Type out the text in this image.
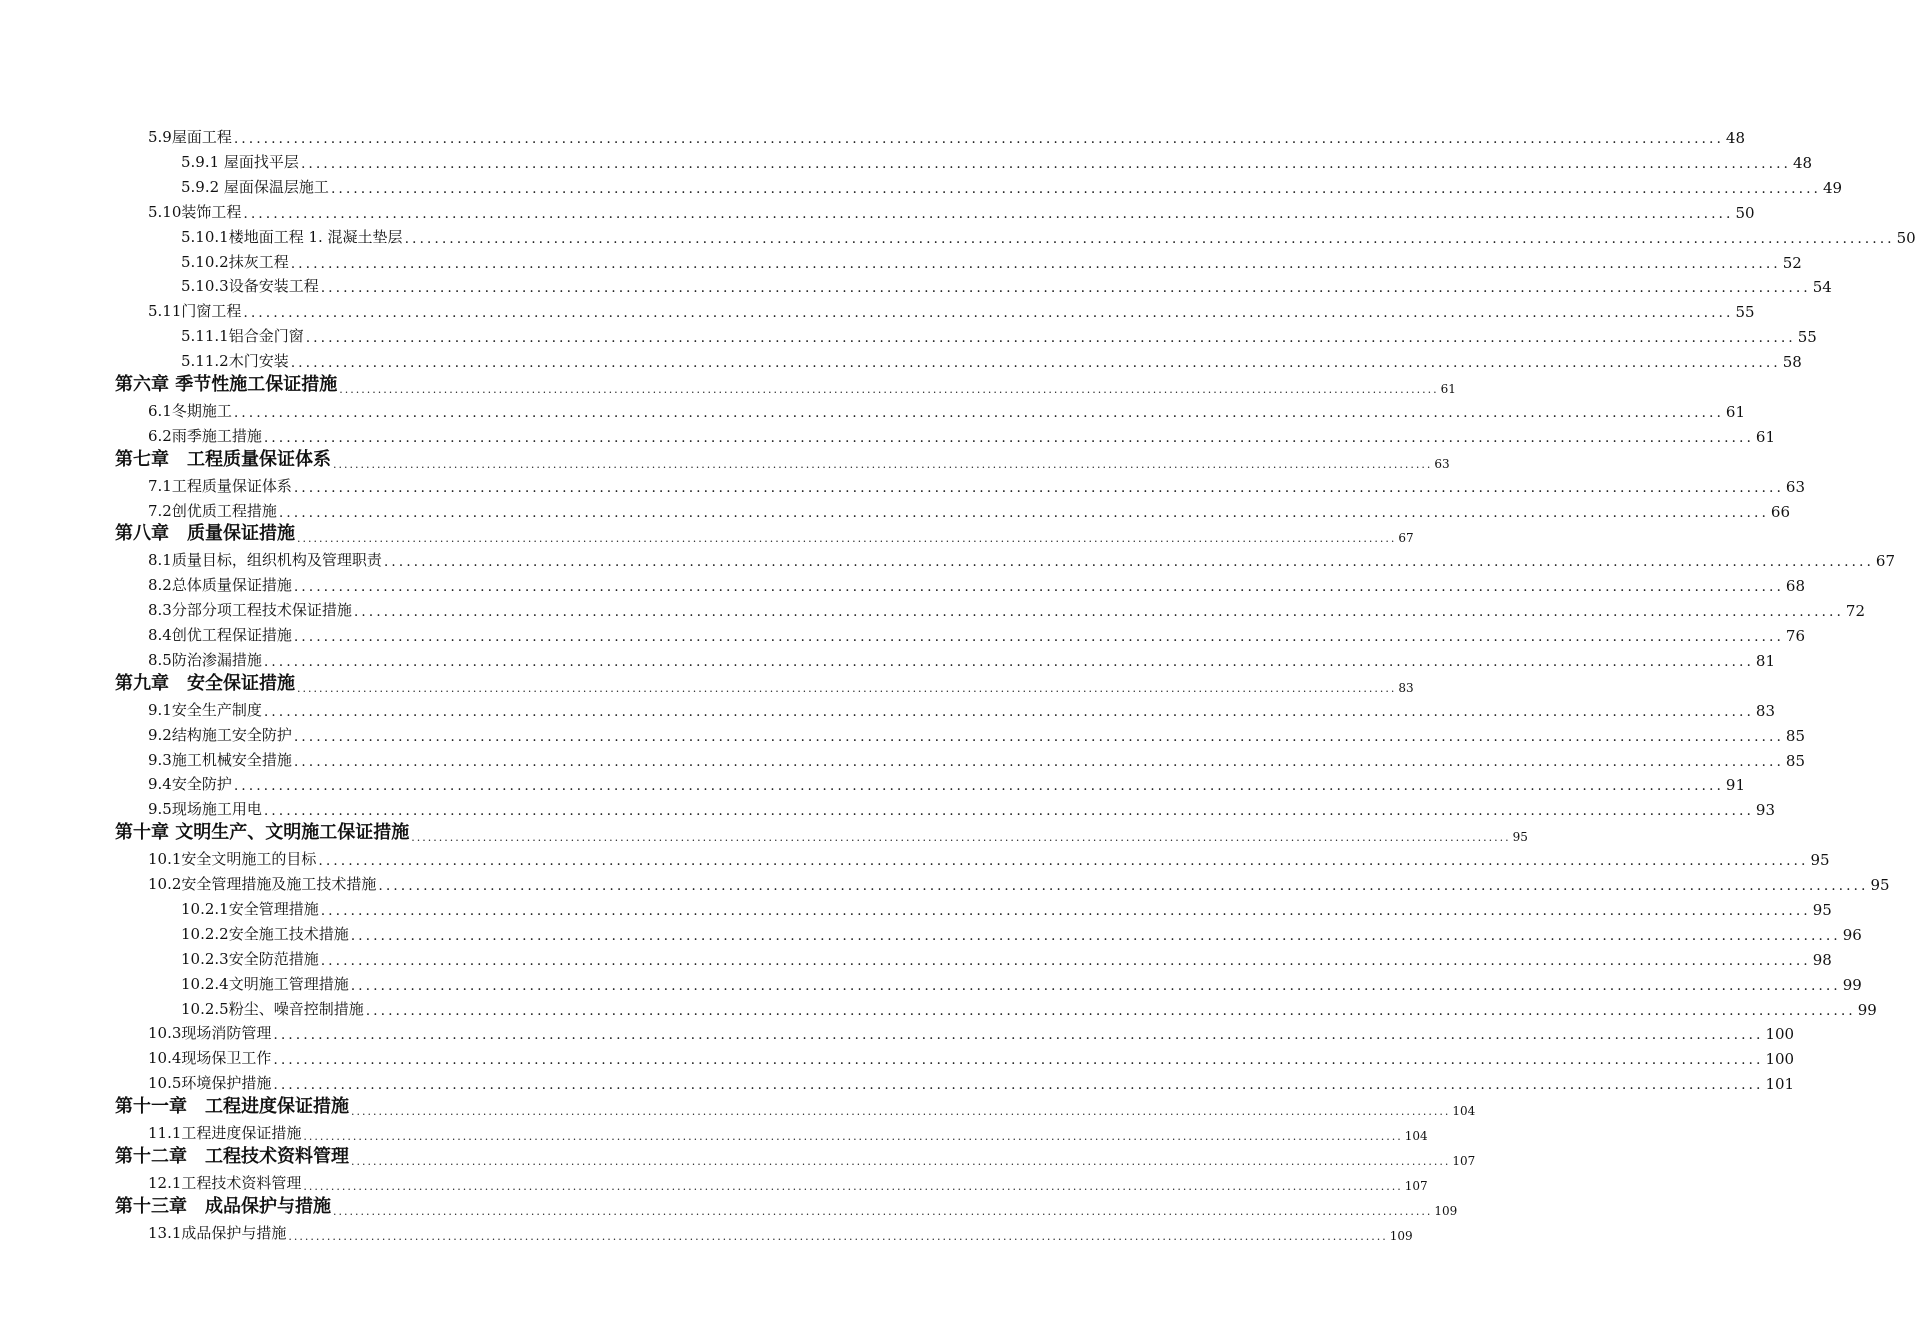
5.9屋面工程 ........................................................................................................................................................................................................ 48
5.9.1 屋面找平层 ........................................................................................................................................................................................................ 48
5.9.2 屋面保温层施工 ........................................................................................................................................................................................................ 49
5.10装饰工程 ........................................................................................................................................................................................................ 50
5.10.1楼地面工程 1. 混凝土垫层 ........................................................................................................................................................................................................ 50
5.10.2抹灰工程 ........................................................................................................................................................................................................ 52
5.10.3设备安装工程 ........................................................................................................................................................................................................ 54
5.11门窗工程 ........................................................................................................................................................................................................ 55
5.11.1铝合金门窗 ........................................................................................................................................................................................................ 55
5.11.2木门安装 ........................................................................................................................................................................................................ 58
第六章 季节性施工保证措施 ........................................................................................................................................................................................................ 61
6.1冬期施工 ........................................................................................................................................................................................................ 61
6.2雨季施工措施 ........................................................................................................................................................................................................ 61
第七章　工程质量保证体系 ........................................................................................................................................................................................................ 63
7.1工程质量保证体系 ........................................................................................................................................................................................................ 63
7.2创优质工程措施 ........................................................................................................................................................................................................ 66
第八章　质量保证措施 ........................................................................................................................................................................................................ 67
8.1质量目标，组织机构及管理职责 ........................................................................................................................................................................................................ 67
8.2总体质量保证措施 ........................................................................................................................................................................................................ 68
8.3分部分项工程技术保证措施 ........................................................................................................................................................................................................ 72
8.4创优工程保证措施 ........................................................................................................................................................................................................ 76
8.5防治渗漏措施 ........................................................................................................................................................................................................ 81
第九章　安全保证措施 ........................................................................................................................................................................................................ 83
9.1安全生产制度 ........................................................................................................................................................................................................ 83
9.2结构施工安全防护 ........................................................................................................................................................................................................ 85
9.3施工机械安全措施 ........................................................................................................................................................................................................ 85
9.4安全防护 ........................................................................................................................................................................................................ 91
9.5现场施工用电 ........................................................................................................................................................................................................ 93
第十章 文明生产、文明施工保证措施 ........................................................................................................................................................................................................ 95
10.1安全文明施工的目标 ........................................................................................................................................................................................................ 95
10.2安全管理措施及施工技术措施 ........................................................................................................................................................................................................ 95
10.2.1安全管理措施 ........................................................................................................................................................................................................ 95
10.2.2安全施工技术措施 ........................................................................................................................................................................................................ 96
10.2.3安全防范措施 ........................................................................................................................................................................................................ 98
10.2.4文明施工管理措施 ........................................................................................................................................................................................................ 99
10.2.5粉尘、噪音控制措施 ........................................................................................................................................................................................................ 99
10.3现场消防管理 ........................................................................................................................................................................................................ 100
10.4现场保卫工作 ........................................................................................................................................................................................................ 100
10.5环境保护措施 ........................................................................................................................................................................................................ 101
第十一章　工程进度保证措施 ........................................................................................................................................................................................................ 104
11.1工程进度保证措施 ........................................................................................................................................................................................................ 104
第十二章　工程技术资料管理 ........................................................................................................................................................................................................ 107
12.1工程技术资料管理 ........................................................................................................................................................................................................ 107
第十三章　成品保护与措施 ........................................................................................................................................................................................................ 109
13.1成品保护与措施 ........................................................................................................................................................................................................ 109
